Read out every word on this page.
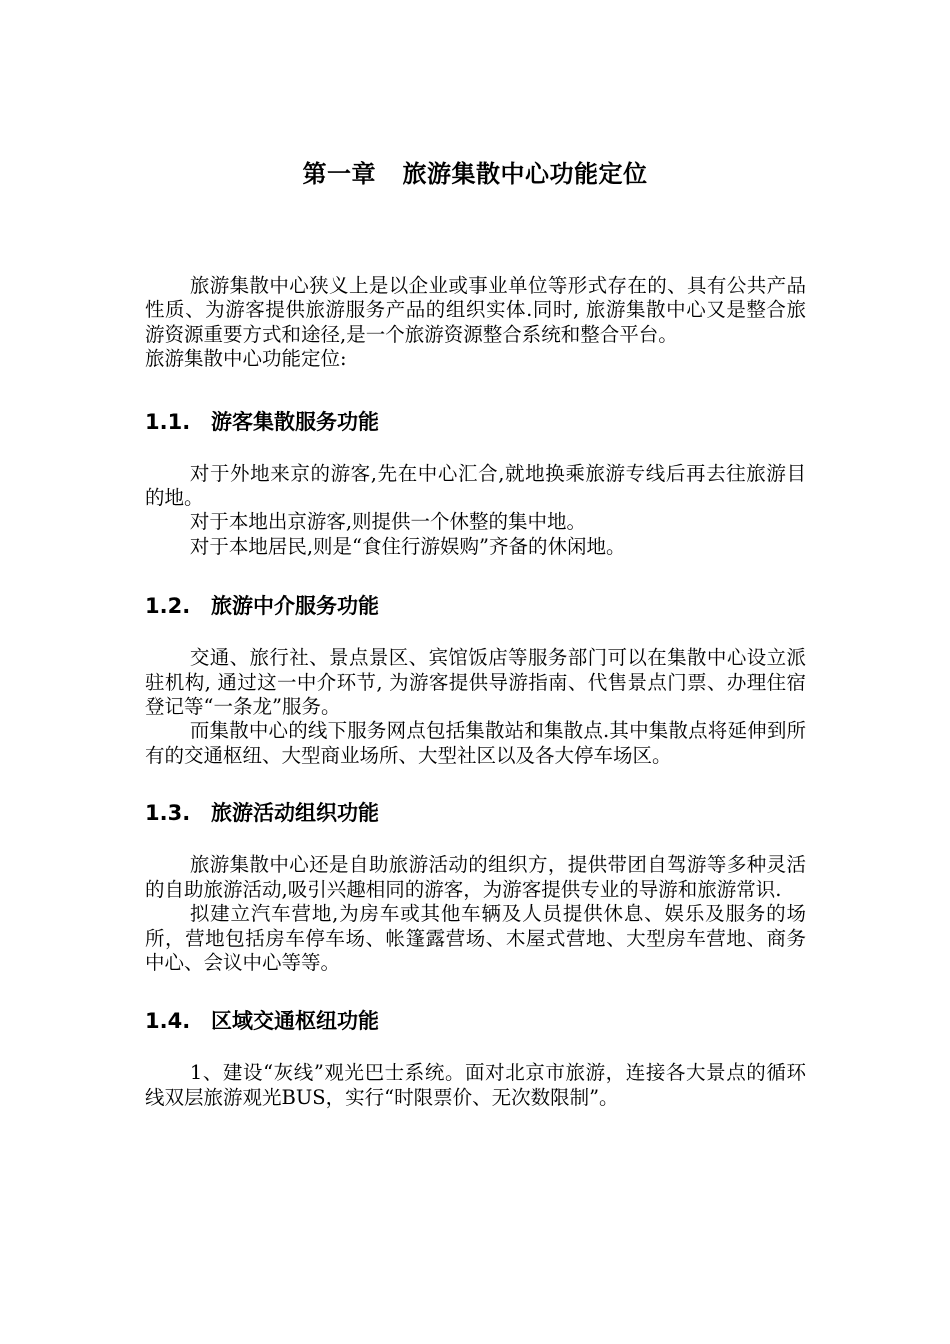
第一章   旅游集散中心功能定位

旅游集散中心狭义上是以企业或事业单位等形式存在的、具有公共产品性质、为游客提供旅游服务产品的组织实体.同时, 旅游集散中心又是整合旅游资源重要方式和途径,是一个旅游资源整合系统和整合平台。

旅游集散中心功能定位:

1.1. 游客集散服务功能

对于外地来京的游客,先在中心汇合,就地换乘旅游专线后再去往旅游目的地。

对于本地出京游客,则提供一个休整的集中地。

对于本地居民,则是“食住行游娱购”齐备的休闲地。

1.2. 旅游中介服务功能

交通、旅行社、景点景区、宾馆饭店等服务部门可以在集散中心设立派驻机构, 通过这一中介环节, 为游客提供导游指南、代售景点门票、办理住宿登记等“一条龙”服务。

而集散中心的线下服务网点包括集散站和集散点.其中集散点将延伸到所有的交通枢纽、大型商业场所、大型社区以及各大停车场区。

1.3. 旅游活动组织功能

旅游集散中心还是自助旅游活动的组织方，提供带团自驾游等多种灵活的自助旅游活动,吸引兴趣相同的游客，为游客提供专业的导游和旅游常识.

拟建立汽车营地,为房车或其他车辆及人员提供休息、娱乐及服务的场所，营地包括房车停车场、帐篷露营场、木屋式营地、大型房车营地、商务中心、会议中心等等。

1.4. 区域交通枢纽功能

1、建设“灰线”观光巴士系统。面对北京市旅游，连接各大景点的循环线双层旅游观光BUS，实行“时限票价、无次数限制”。
